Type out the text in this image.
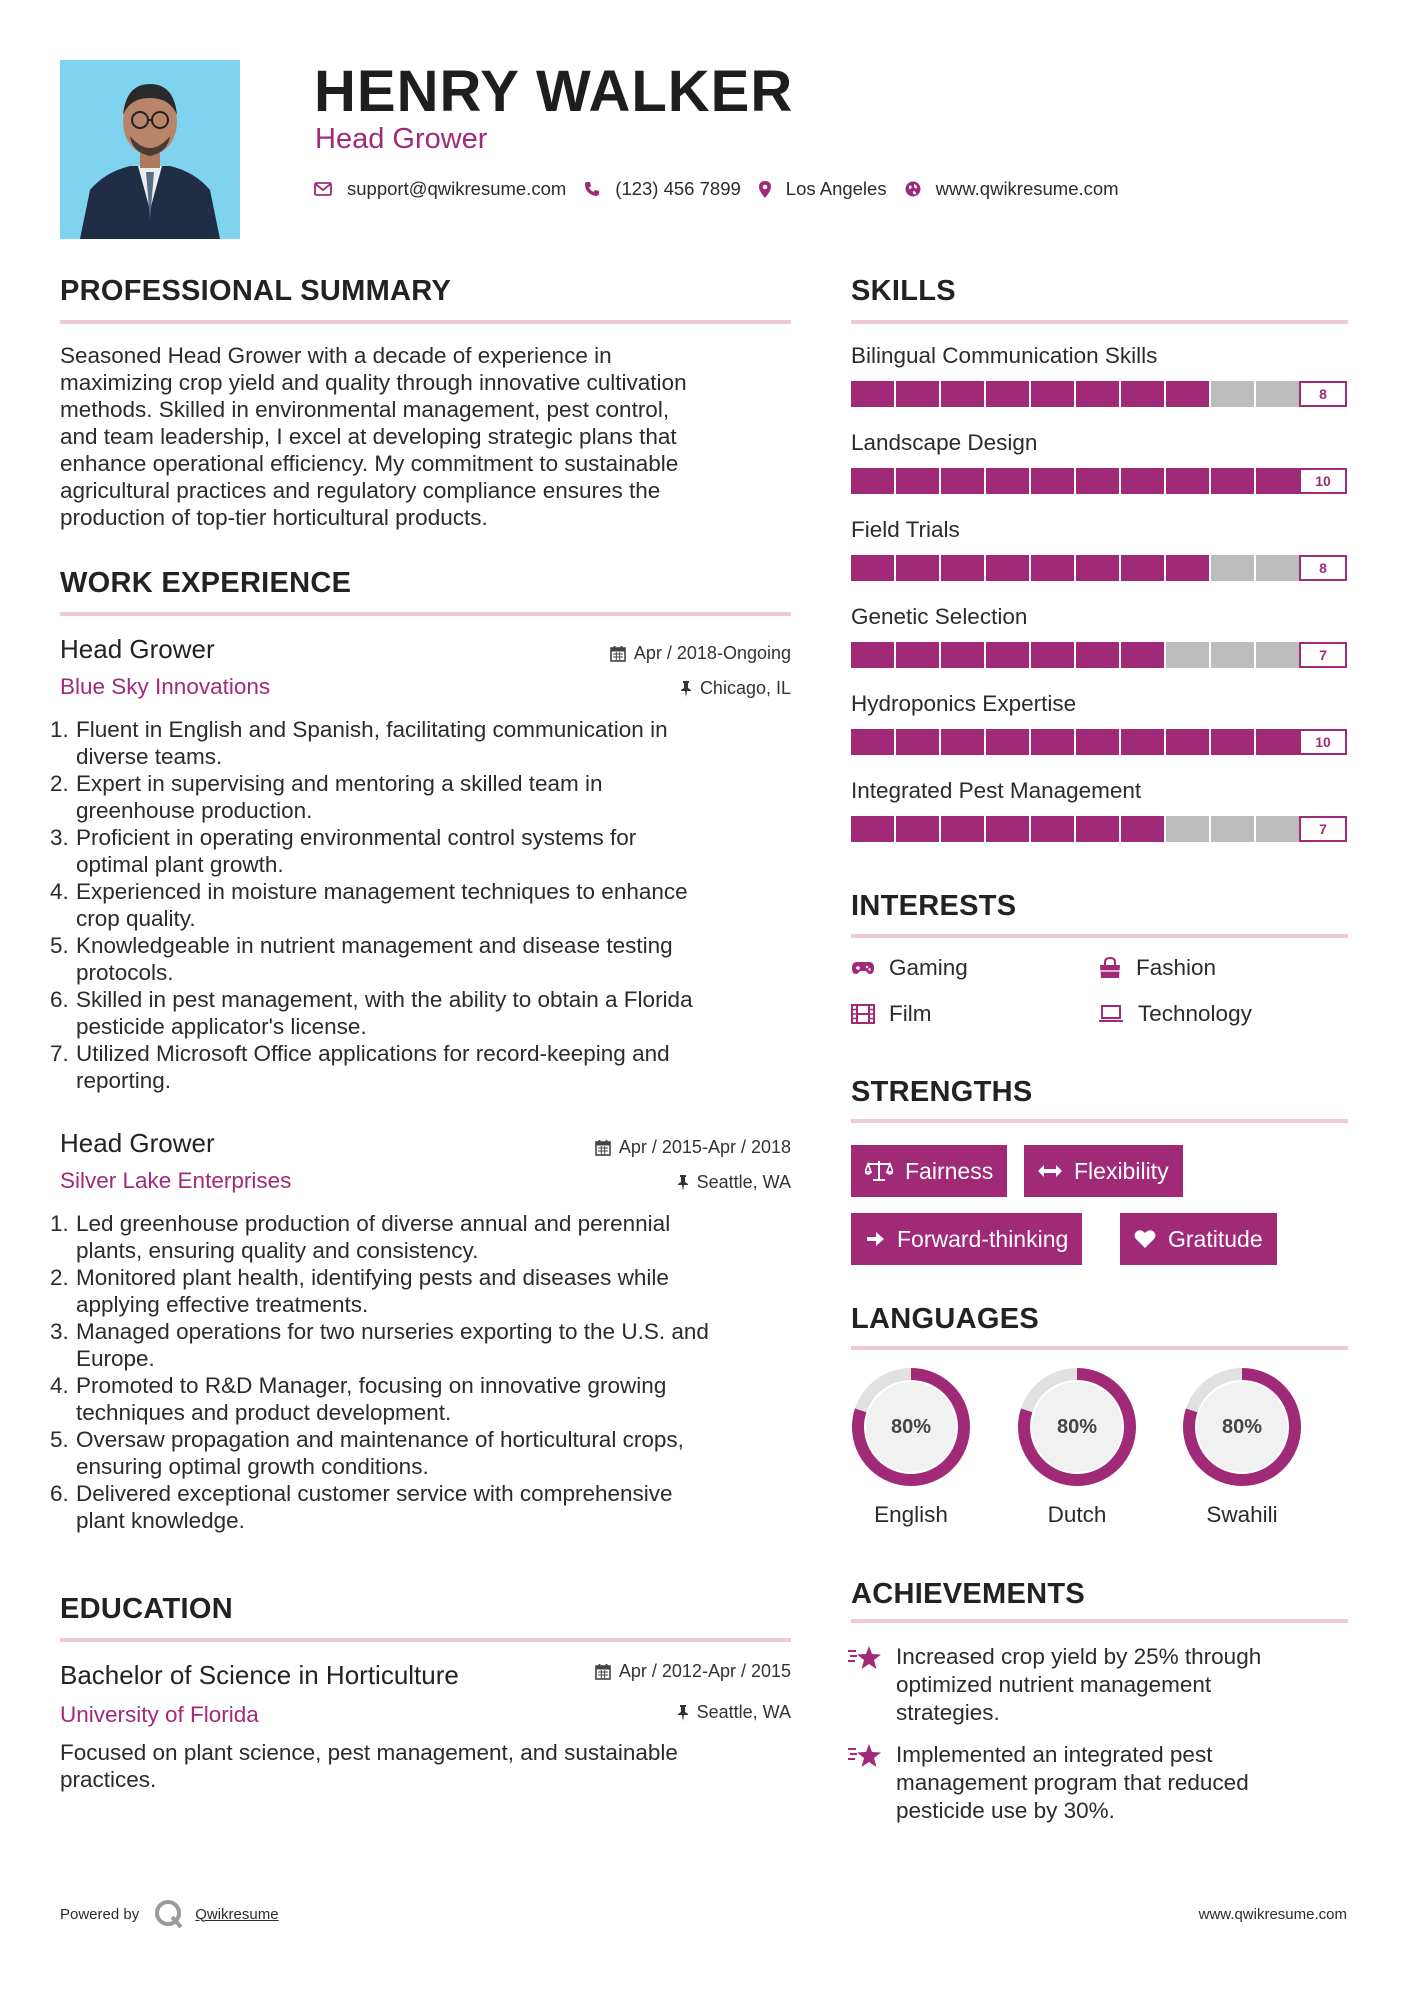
HENRY WALKER
Head Grower
support@qwikresume.com	(123) 456 7899 Los Angeles	www.qwikresume.com
PROFESSIONAL SUMMARY
Seasoned Head Grower with a decade of experience in
maximizing crop yield and quality through innovative cultivation
methods. Skilled in environmental management, pest control,
and team leadership, I excel at developing strategic plans that
enhance operational efficiency. My commitment to sustainable
agricultural practices and regulatory compliance ensures the
production of top-tier horticultural products.
WORK EXPERIENCE
Head Grower	Apr / 2018-Ongoing
Blue Sky Innovations	Chicago, IL
1. Fluent in English and Spanish, facilitating communication in
diverse teams.
2. Expert in supervising and mentoring a skilled team in
greenhouse production.
3. Proficient in operating environmental control systems for
optimal plant growth.
4. Experienced in moisture management techniques to enhance
crop quality.
5. Knowledgeable in nutrient management and disease testing
protocols.
6. Skilled in pest management, with the ability to obtain a Florida
pesticide applicator's license.
7. Utilized Microsoft Office applications for record-keeping and
reporting.
Head Grower	Apr / 2015-Apr / 2018
Silver Lake Enterprises	Seattle, WA
1. Led greenhouse production of diverse annual and perennial
plants, ensuring quality and consistency.
2. Monitored plant health, identifying pests and diseases while
applying effective treatments.
3. Managed operations for two nurseries exporting to the U.S. and
Europe.
4. Promoted to R&D Manager, focusing on innovative growing
techniques and product development.
5. Oversaw propagation and maintenance of horticultural crops,
ensuring optimal growth conditions.
6. Delivered exceptional customer service with comprehensive
plant knowledge.
EDUCATION
Bachelor of Science in Horticulture	Apr / 2012-Apr / 2015
University of Florida	Seattle, WA
Focused on plant science, pest management, and sustainable
practices.
SKILLS
Bilingual Communication Skills
8
Landscape Design
10
Field Trials
8
Genetic Selection
7
Hydroponics Expertise
10
Integrated Pest Management
7
INTERESTS
Gaming	Fashion
Film	Technology
STRENGTHS
Fairness	Flexibility
Forward-thinking	Gratitude
LANGUAGES
80%
English
80%
Dutch
80%
Swahili
ACHIEVEMENTS
Increased crop yield by 25% through
optimized nutrient management
strategies.
Implemented an integrated pest
management program that reduced
pesticide use by 30%.
Powered by	Qwikresume	www.qwikresume.com
